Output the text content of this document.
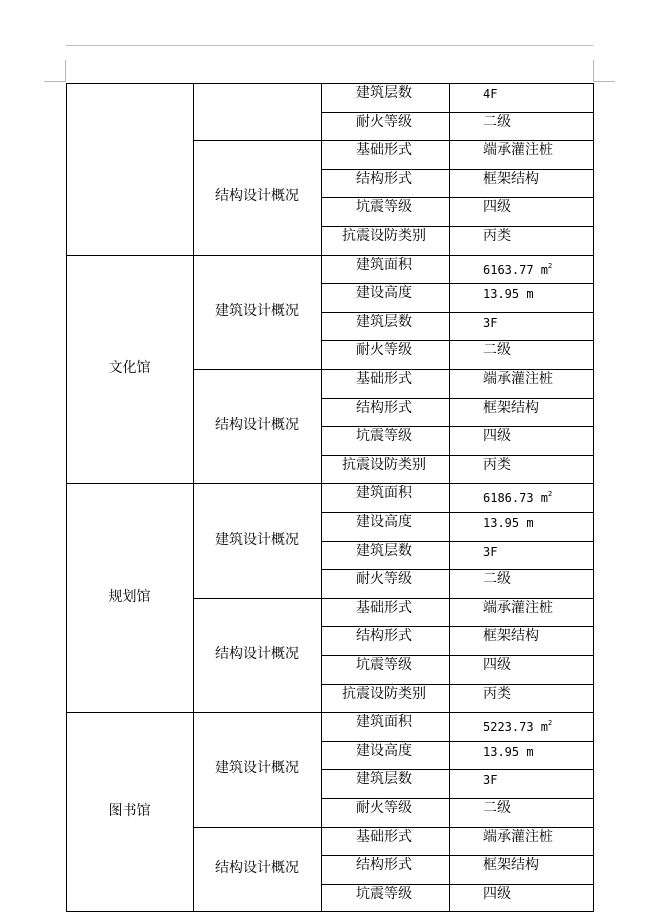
建筑层数	4F
耐火等级	二级
基础形式	端承灌注桩
结构形式	框架结构
坑震等级	四级
抗震设防类别	丙类
结构设计概况
建筑面积	6163.77 $m^2$
建设高度	13.95 m
建筑层数	3F
耐火等级	二级
建筑设计概况
基础形式	端承灌注桩
结构形式	框架结构
坑震等级	四级
抗震设防类别	丙类
结构设计概况
文化馆
建筑面积	6186.73 $m^2$
建设高度	13.95 m
建筑层数	3F
耐火等级	二级
建筑设计概况
基础形式	端承灌注桩
结构形式	框架结构
坑震等级	四级
抗震设防类别	丙类
结构设计概况
规划馆
建筑面积	5223.73 $m^2$
建设高度	13.95 m
建筑层数	3F
耐火等级	二级
建筑设计概况
基础形式	端承灌注桩
结构形式	框架结构
坑震等级	四级
结构设计概况
图书馆
